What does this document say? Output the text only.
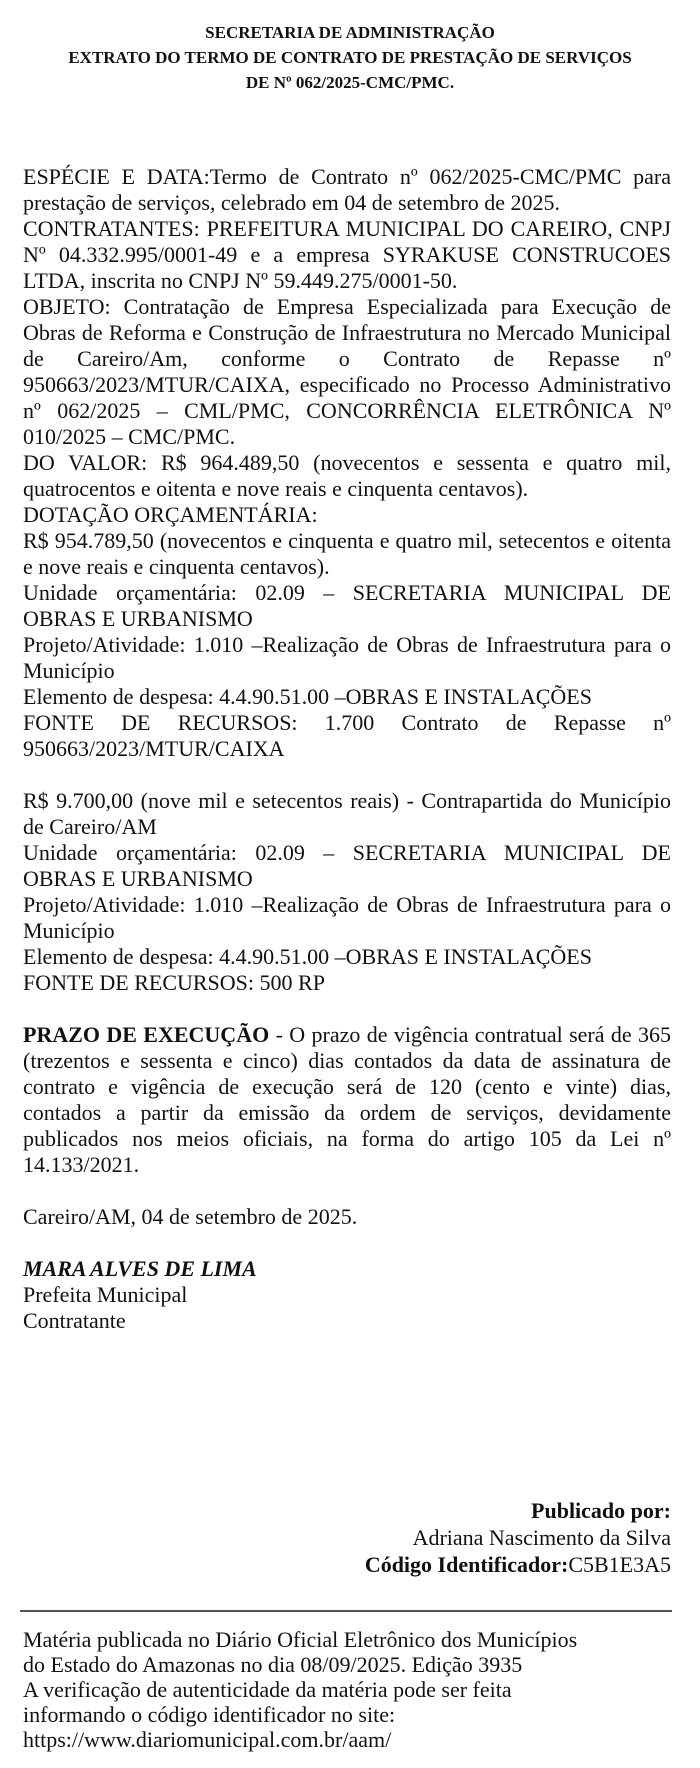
SECRETARIA DE ADMINISTRAÇÃO
EXTRATO DO TERMO DE CONTRATO DE PRESTAÇÃO DE SERVIÇOS
DE Nº 062/2025-CMC/PMC.

ESPÉCIE E DATA:Termo de Contrato nº 062/2025-CMC/PMC para prestação de serviços, celebrado em 04 de setembro de 2025.

CONTRATANTES: PREFEITURA MUNICIPAL DO CAREIRO, CNPJ Nº 04.332.995/0001-49 e a empresa SYRAKUSE CONSTRUCOES LTDA, inscrita no CNPJ Nº 59.449.275/0001-50.

OBJETO: Contratação de Empresa Especializada para Execução de Obras de Reforma e Construção de Infraestrutura no Mercado Municipal de Careiro/Am, conforme o Contrato de Repasse nº 950663/2023/MTUR/CAIXA, especificado no Processo Administrativo nº 062/2025 – CML/PMC, CONCORRÊNCIA ELETRÔNICA Nº 010/2025 – CMC/PMC.

DO VALOR: R$ 964.489,50 (novecentos e sessenta e quatro mil, quatrocentos e oitenta e nove reais e cinquenta centavos).

DOTAÇÃO ORÇAMENTÁRIA:

R$ 954.789,50 (novecentos e cinquenta e quatro mil, setecentos e oitenta e nove reais e cinquenta centavos).

Unidade orçamentária: 02.09 – SECRETARIA MUNICIPAL DE OBRAS E URBANISMO

Projeto/Atividade: 1.010 –Realização de Obras de Infraestrutura para o Município

Elemento de despesa: 4.4.90.51.00 –OBRAS E INSTALAÇÕES

FONTE DE RECURSOS: 1.700 Contrato de Repasse nº 950663/2023/MTUR/CAIXA

R$ 9.700,00 (nove mil e setecentos reais) - Contrapartida do Município de Careiro/AM

Unidade orçamentária: 02.09 – SECRETARIA MUNICIPAL DE OBRAS E URBANISMO

Projeto/Atividade: 1.010 –Realização de Obras de Infraestrutura para o Município

Elemento de despesa: 4.4.90.51.00 –OBRAS E INSTALAÇÕES

FONTE DE RECURSOS: 500 RP

PRAZO DE EXECUÇÃO - O prazo de vigência contratual será de 365 (trezentos e sessenta e cinco) dias contados da data de assinatura de contrato e vigência de execução será de 120 (cento e vinte) dias, contados a partir da emissão da ordem de serviços, devidamente publicados nos meios oficiais, na forma do artigo 105 da Lei nº 14.133/2021.

Careiro/AM, 04 de setembro de 2025.

MARA ALVES DE LIMA
Prefeita Municipal
Contratante
Publicado por:
Adriana Nascimento da Silva
Código Identificador:C5B1E3A5
Matéria publicada no Diário Oficial Eletrônico dos Municípios
do Estado do Amazonas no dia 08/09/2025. Edição 3935
A verificação de autenticidade da matéria pode ser feita
informando o código identificador no site:
https://www.diariomunicipal.com.br/aam/
